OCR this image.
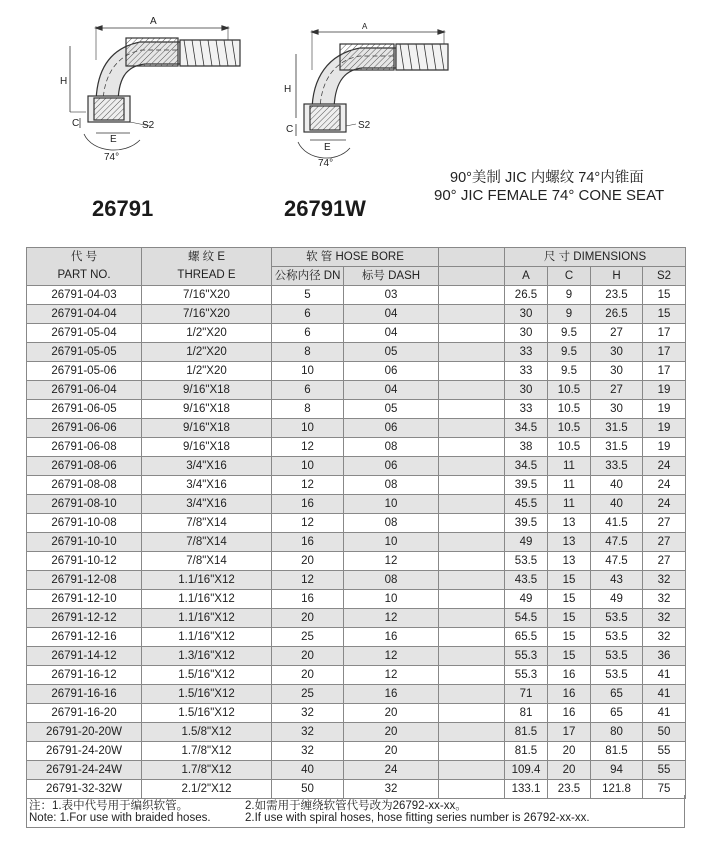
A
H
C
E
S2
74°
A
H
C
E
S2
74°
26791	26791W
90°美制 JIC 内螺纹 74°内锥面
90° JIC FEMALE 74° CONE SEAT
代 号	螺 纹 E	软 管 HOSE BORE			尺 寸 DIMENSIONS			
PART NO.	THREAD E	公称内径 DN	标号 DASH		A	C	H	S2
26791-04-03	7/16"X20	5	03		26.5	9	23.5	15
26791-04-04	7/16"X20	6	04		30	9	26.5	15
26791-05-04	1/2"X20	6	04		30	9.5	27	17
26791-05-05	1/2"X20	8	05		33	9.5	30	17
26791-05-06	1/2"X20	10	06		33	9.5	30	17
26791-06-04	9/16"X18	6	04		30	10.5	27	19
26791-06-05	9/16"X18	8	05		33	10.5	30	19
26791-06-06	9/16"X18	10	06		34.5	10.5	31.5	19
26791-06-08	9/16"X18	12	08		38	10.5	31.5	19
26791-08-06	3/4"X16	10	06		34.5	11	33.5	24
26791-08-08	3/4"X16	12	08		39.5	11	40	24
26791-08-10	3/4"X16	16	10		45.5	11	40	24
26791-10-08	7/8"X14	12	08		39.5	13	41.5	27
26791-10-10	7/8"X14	16	10		49	13	47.5	27
26791-10-12	7/8"X14	20	12		53.5	13	47.5	27
26791-12-08	1.1/16"X12	12	08		43.5	15	43	32
26791-12-10	1.1/16"X12	16	10		49	15	49	32
26791-12-12	1.1/16"X12	20	12		54.5	15	53.5	32
26791-12-16	1.1/16"X12	25	16		65.5	15	53.5	32
26791-14-12	1.3/16"X12	20	12		55.3	15	53.5	36
26791-16-12	1.5/16"X12	20	12		55.3	16	53.5	41
26791-16-16	1.5/16"X12	25	16		71	16	65	41
26791-16-20	1.5/16"X12	32	20		81	16	65	41
26791-20-20W	1.5/8"X12	32	20		81.5	17	80	50
26791-24-20W	1.7/8"X12	32	20		81.5	20	81.5	55
26791-24-24W	1.7/8"X12	40	24		109.4	20	94	55
26791-32-32W	2.1/2"X12	50	32		133.1	23.5	121.8	75
注：1.表中代号用于编织软管。	2.如需用于缠绕软管代号改为26792-xx-xx。
Note: 1.For use with braided hoses.	2.If use with spiral hoses, hose fitting series number is 26792-xx-xx.
